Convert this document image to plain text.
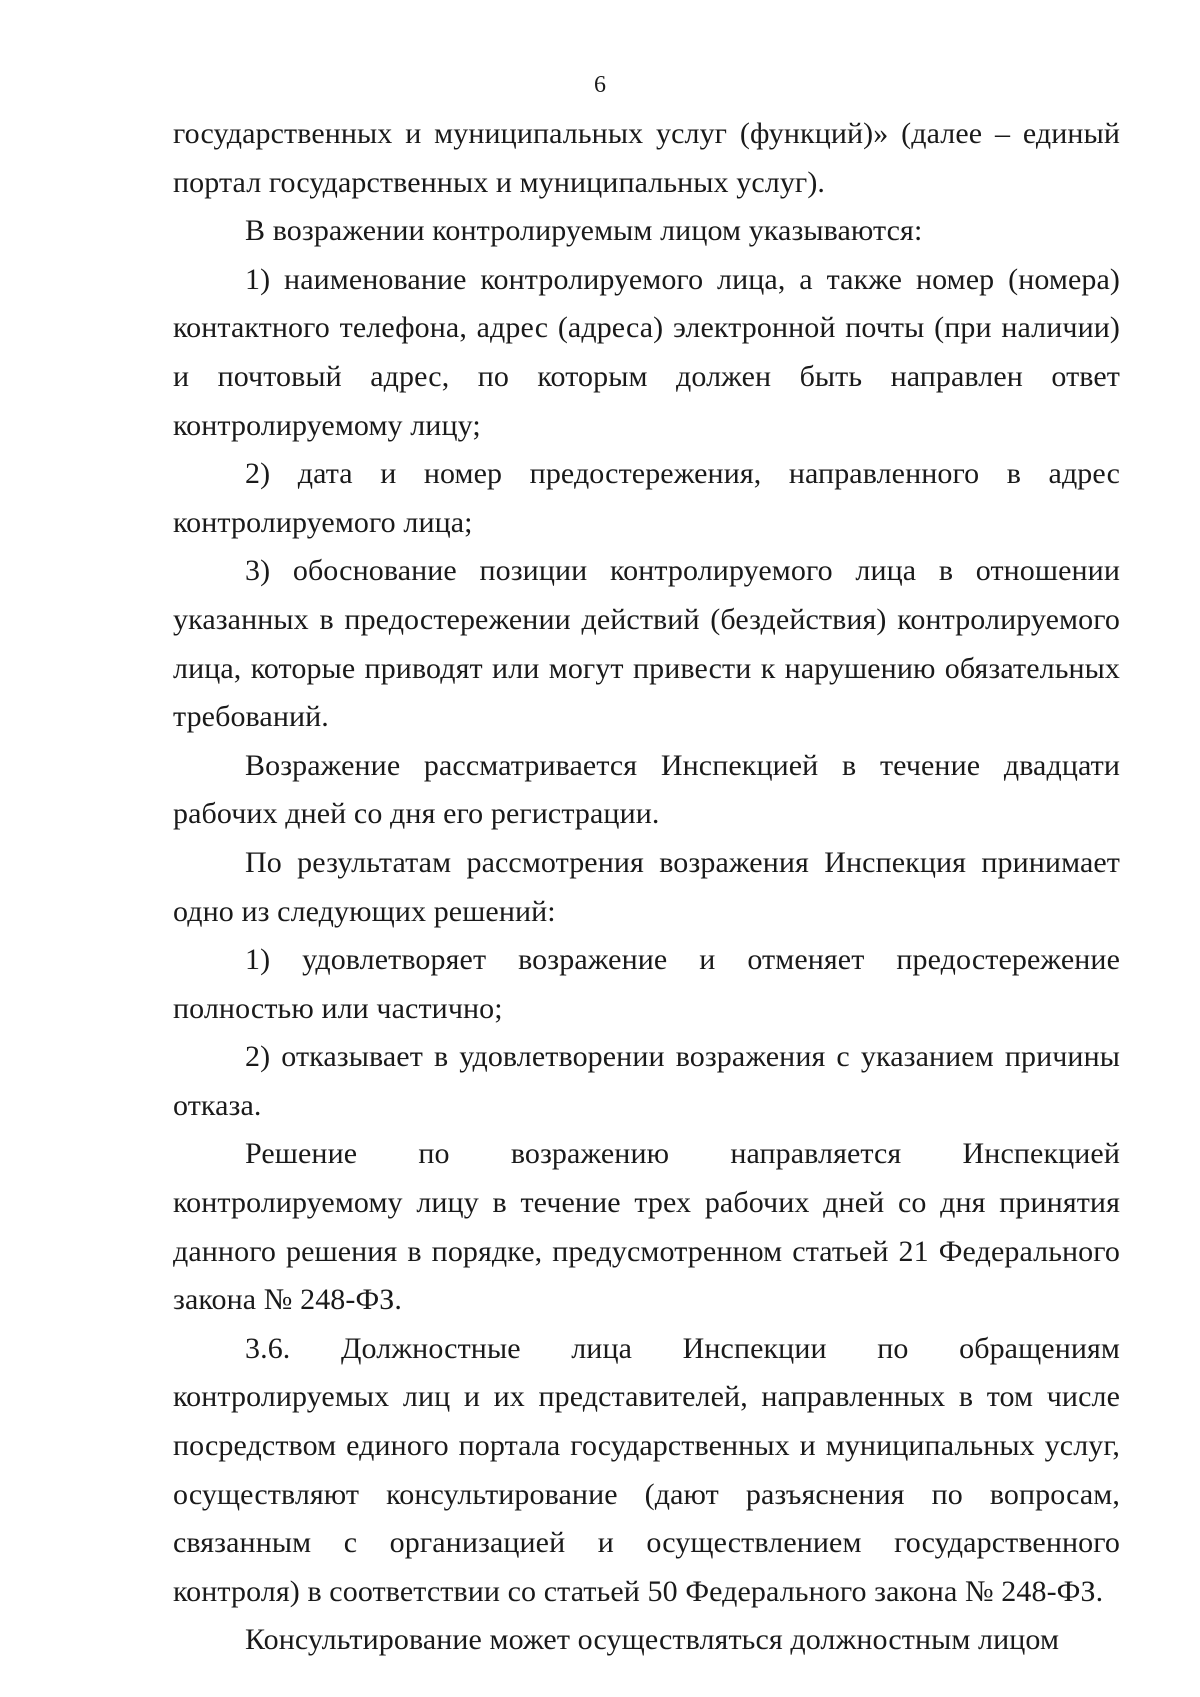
6

государственных и муниципальных услуг (функций)» (далее – единый портал государственных и муниципальных услуг).

В возражении контролируемым лицом указываются:

1) наименование контролируемого лица, а также номер (номера) контактного телефона, адрес (адреса) электронной почты (при наличии) и почтовый адрес, по которым должен быть направлен ответ контролируемому лицу;

2) дата и номер предостережения, направленного в адрес контролируемого лица;

3) обоснование позиции контролируемого лица в отношении указанных в предостережении действий (бездействия) контролируемого лица, которые приводят или могут привести к нарушению обязательных требований.

Возражение рассматривается Инспекцией в течение двадцати рабочих дней со дня его регистрации.

По результатам рассмотрения возражения Инспекция принимает одно из следующих решений:

1) удовлетворяет возражение и отменяет предостережение полностью или частично;

2) отказывает в удовлетворении возражения с указанием причины отказа.

Решение по возражению направляется Инспекцией контролируемому лицу в течение трех рабочих дней со дня принятия данного решения в порядке, предусмотренном статьей 21 Федерального закона № 248-ФЗ.

3.6. Должностные лица Инспекции по обращениям контролируемых лиц и их представителей, направленных в том числе посредством единого портала государственных и муниципальных услуг, осуществляют консультирование (дают разъяснения по вопросам, связанным с организацией и осуществлением государственного контроля) в соответствии со статьей 50 Федерального закона № 248-ФЗ.

Консультирование может осуществляться должностным лицом
